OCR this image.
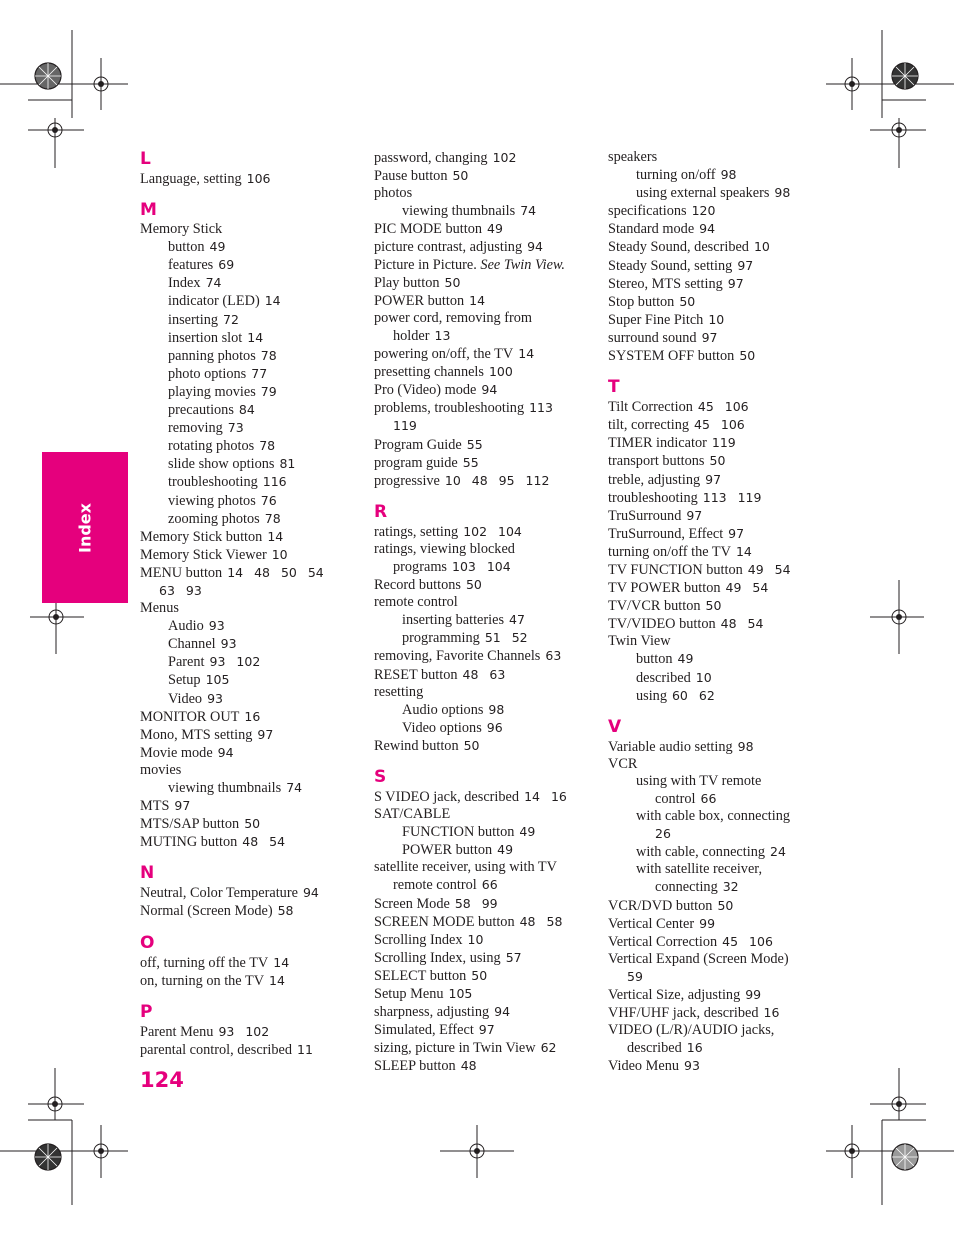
Index
L
Language, setting 106
M
Memory Stick
button 49
features 69
Index 74
indicator (LED) 14
inserting 72
insertion slot 14
panning photos 78
photo options 77
playing movies 79
precautions 84
removing 73
rotating photos 78
slide show options 81
troubleshooting 116
viewing photos 76
zooming photos 78
Memory Stick button 14
Memory Stick Viewer 10
MENU button 14 48 50 54
63 93
Menus
Audio 93
Channel 93
Parent 93 102
Setup 105
Video 93
MONITOR OUT 16
Mono, MTS setting 97
Movie mode 94
movies
viewing thumbnails 74
MTS 97
MTS/SAP button 50
MUTING button 48 54
N
Neutral, Color Temperature 94
Normal (Screen Mode) 58
O
off, turning off the TV 14
on, turning on the TV 14
P
Parent Menu 93 102
parental control, described 11
password, changing 102
Pause button 50
photos
viewing thumbnails 74
PIC MODE button 49
picture contrast, adjusting 94
Picture in Picture. See Twin View.
Play button 50
POWER button 14
power cord, removing from
holder 13
powering on/off, the TV 14
presetting channels 100
Pro (Video) mode 94
problems, troubleshooting 113
119
Program Guide 55
program guide 55
progressive 10 48 95 112
R
ratings, setting 102 104
ratings, viewing blocked
programs 103 104
Record buttons 50
remote control
inserting batteries 47
programming 51 52
removing, Favorite Channels 63
RESET button 48 63
resetting
Audio options 98
Video options 96
Rewind button 50
S
S VIDEO jack, described 14 16
SAT/CABLE
FUNCTION button 49
POWER button 49
satellite receiver, using with TV
remote control 66
Screen Mode 58 99
SCREEN MODE button 48 58
Scrolling Index 10
Scrolling Index, using 57
SELECT button 50
Setup Menu 105
sharpness, adjusting 94
Simulated, Effect 97
sizing, picture in Twin View 62
SLEEP button 48
speakers
turning on/off 98
using external speakers 98
specifications 120
Standard mode 94
Steady Sound, described 10
Steady Sound, setting 97
Stereo, MTS setting 97
Stop button 50
Super Fine Pitch 10
surround sound 97
SYSTEM OFF button 50
T
Tilt Correction 45 106
tilt, correcting 45 106
TIMER indicator 119
transport buttons 50
treble, adjusting 97
troubleshooting 113 119
TruSurround 97
TruSurround, Effect 97
turning on/off the TV 14
TV FUNCTION button 49 54
TV POWER button 49 54
TV/VCR button 50
TV/VIDEO button 48 54
Twin View
button 49
described 10
using 60 62
V
Variable audio setting 98
VCR
using with TV remote
control 66
with cable box, connecting
26
with cable, connecting 24
with satellite receiver,
connecting 32
VCR/DVD button 50
Vertical Center 99
Vertical Correction 45 106
Vertical Expand (Screen Mode)
59
Vertical Size, adjusting 99
VHF/UHF jack, described 16
VIDEO (L/R)/AUDIO jacks,
described 16
Video Menu 93
124
